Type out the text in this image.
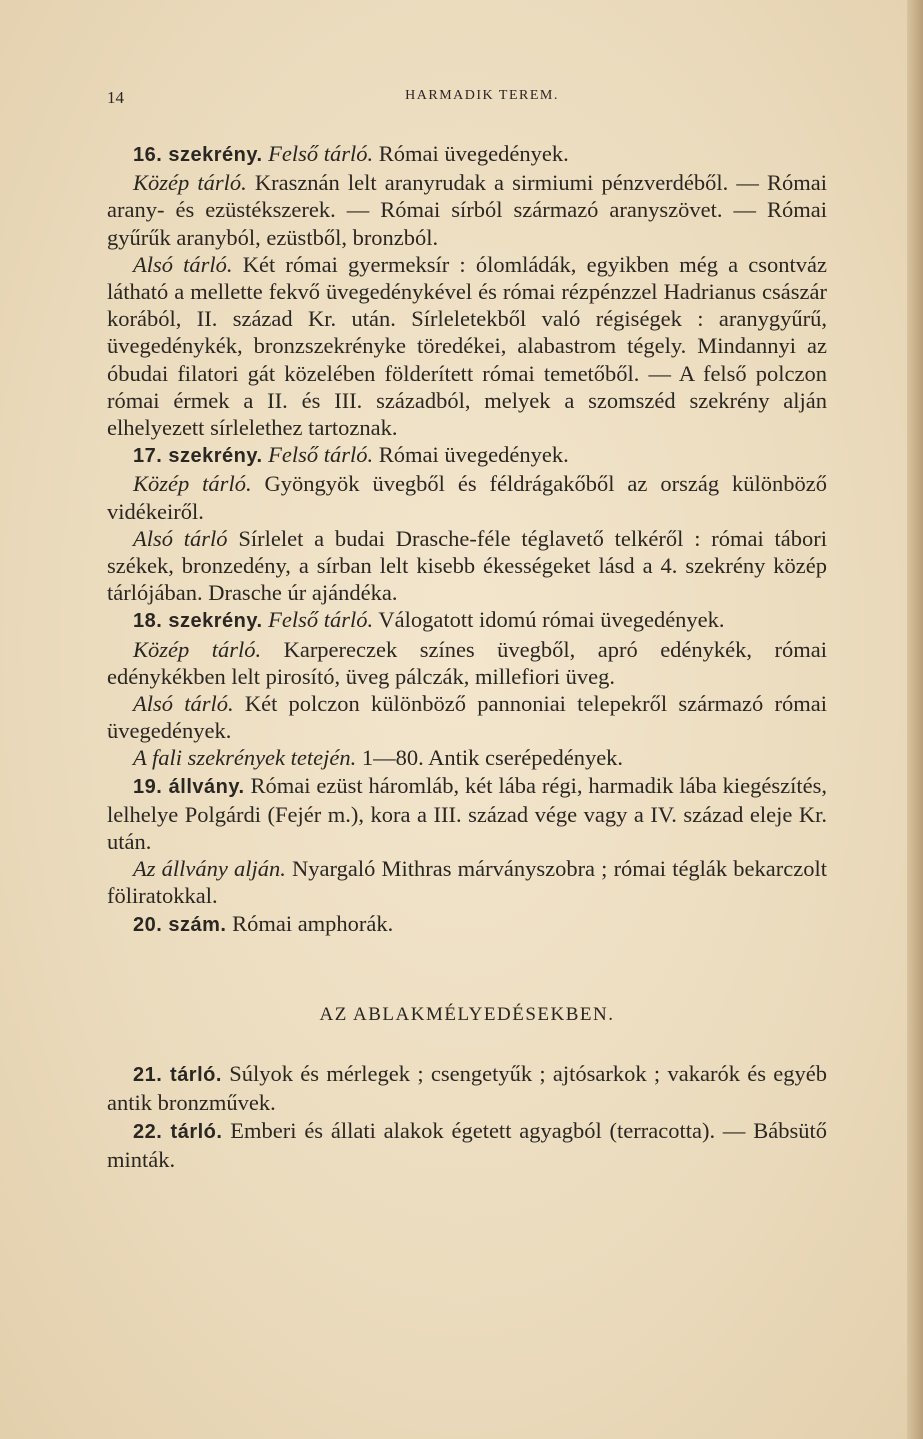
14	HARMADIK TEREM.

16. szekrény. Felső tárló. Római üvegedények.

Közép tárló. Krasznán lelt aranyrudak a sirmiumi pénzverdéből. — Római arany- és ezüstékszerek. — Római sírból származó aranyszövet. — Római gyűrűk aranyból, ezüstből, bronzból.

Alsó tárló. Két római gyermeksír : ólomládák, egyikben még a csontváz látható a mellette fekvő üvegedénykével és római rézpénzzel Hadrianus császár korából, II. század Kr. után. Sírleletekből való régiségek : aranygyűrű, üvegedénykék, bronzszekrényke töredékei, alabastrom tégely. Mindannyi az óbudai filatori gát közelében földerített római temetőből. — A felső polczon római érmek a II. és III. századból, melyek a szomszéd szekrény alján elhelyezett sírlelethez tartoznak.

17. szekrény. Felső tárló. Római üvegedények.

Közép tárló. Gyöngyök üvegből és féldrágakőből az ország különböző vidékeiről.

Alsó tárló Sírlelet a budai Drasche-féle téglavető telkéről : római tábori székek, bronzedény, a sírban lelt kisebb ékességeket lásd a 4. szekrény közép tárlójában. Drasche úr ajándéka.

18. szekrény. Felső tárló. Válogatott idomú római üvegedények.

Közép tárló. Karpereczek színes üvegből, apró edénykék, római edénykékben lelt pirosító, üveg pálczák, millefiori üveg.

Alsó tárló. Két polczon különböző pannoniai telepekről származó római üvegedények.

A fali szekrények tetején. 1—80. Antik cserépedények.

19. állvány. Római ezüst háromláb, két lába régi, harmadik lába kiegészítés, lelhelye Polgárdi (Fejér m.), kora a III. század vége vagy a IV. század eleje Kr. után.

Az állvány alján. Nyargaló Mithras márványszobra ; római téglák bekarczolt föliratokkal.

20. szám. Római amphorák.

AZ ABLAKMÉLYEDÉSEKBEN.

21. tárló. Súlyok és mérlegek ; csengetyűk ; ajtósarkok ; vakarók és egyéb antik bronzművek.

22. tárló. Emberi és állati alakok égetett agyagból (terracotta). — Bábsütő minták.
